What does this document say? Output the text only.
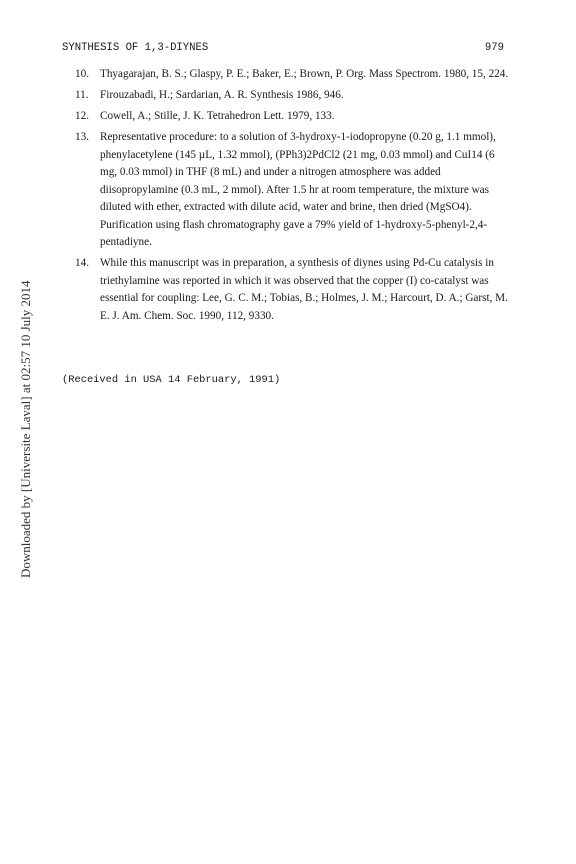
SYNTHESIS OF 1,3-DIYNES	979
10. Thyagarajan, B. S.; Glaspy, P. E.; Baker, E.; Brown, P. Org. Mass Spectrom. 1980, 15, 224.
11. Firouzabadi, H.; Sardarian, A. R. Synthesis 1986, 946.
12. Cowell, A.; Stille, J. K. Tetrahedron Lett. 1979, 133.
13. Representative procedure: to a solution of 3-hydroxy-1-iodopropyne (0.20 g, 1.1 mmol), phenylacetylene (145 µL, 1.32 mmol), (PPh3)2PdCl2 (21 mg, 0.03 mmol) and CuI14 (6 mg, 0.03 mmol) in THF (8 mL) and under a nitrogen atmosphere was added diisopropylamine (0.3 mL, 2 mmol). After 1.5 hr at room temperature, the mixture was diluted with ether, extracted with dilute acid, water and brine, then dried (MgSO4). Purification using flash chromatography gave a 79% yield of 1-hydroxy-5-phenyl-2,4-pentadiyne.
14. While this manuscript was in preparation, a synthesis of diynes using Pd-Cu catalysis in triethylamine was reported in which it was observed that the copper (I) co-catalyst was essential for coupling: Lee, G. C. M.; Tobias, B.; Holmes, J. M.; Harcourt, D. A.; Garst, M. E. J. Am. Chem. Soc. 1990, 112, 9330.
(Received in USA 14 February, 1991)
Downloaded by [Universite Laval] at 02:57 10 July 2014
